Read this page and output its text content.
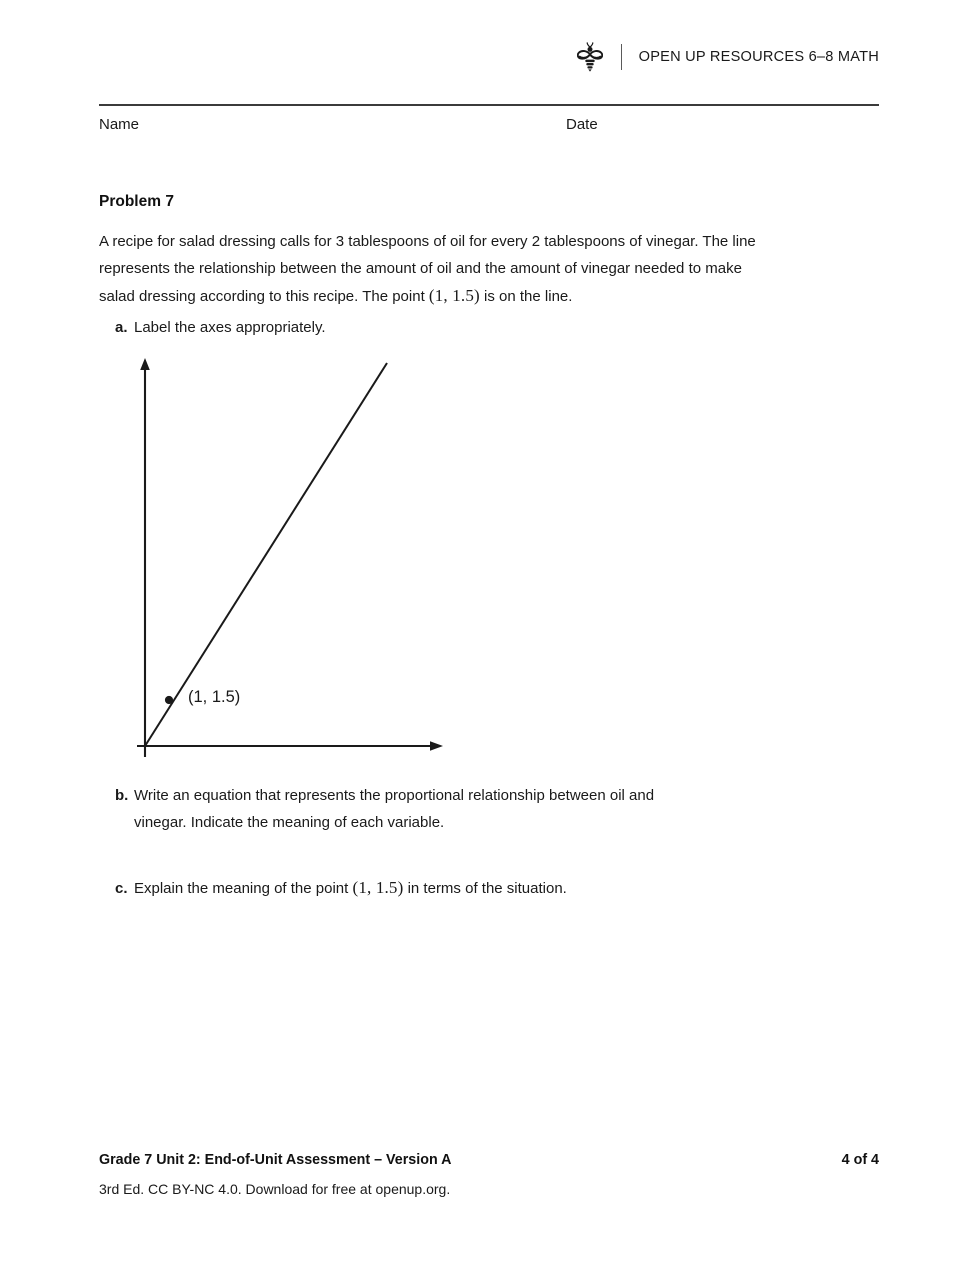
OPEN UP RESOURCES 6–8 MATH
Name	Date
Problem 7
A recipe for salad dressing calls for 3 tablespoons of oil for every 2 tablespoons of vinegar. The line represents the relationship between the amount of oil and the amount of vinegar needed to make salad dressing according to this recipe. The point (1, 1.5) is on the line.
a. Label the axes appropriately.
(1, 1.5)
b. Write an equation that represents the proportional relationship between oil and
vinegar. Indicate the meaning of each variable.
c. Explain the meaning of the point (1, 1.5) in terms of the situation.
Grade 7 Unit 2: End-of-Unit Assessment – Version A	4 of 4
3rd Ed. CC BY-NC 4.0. Download for free at openup.org.
